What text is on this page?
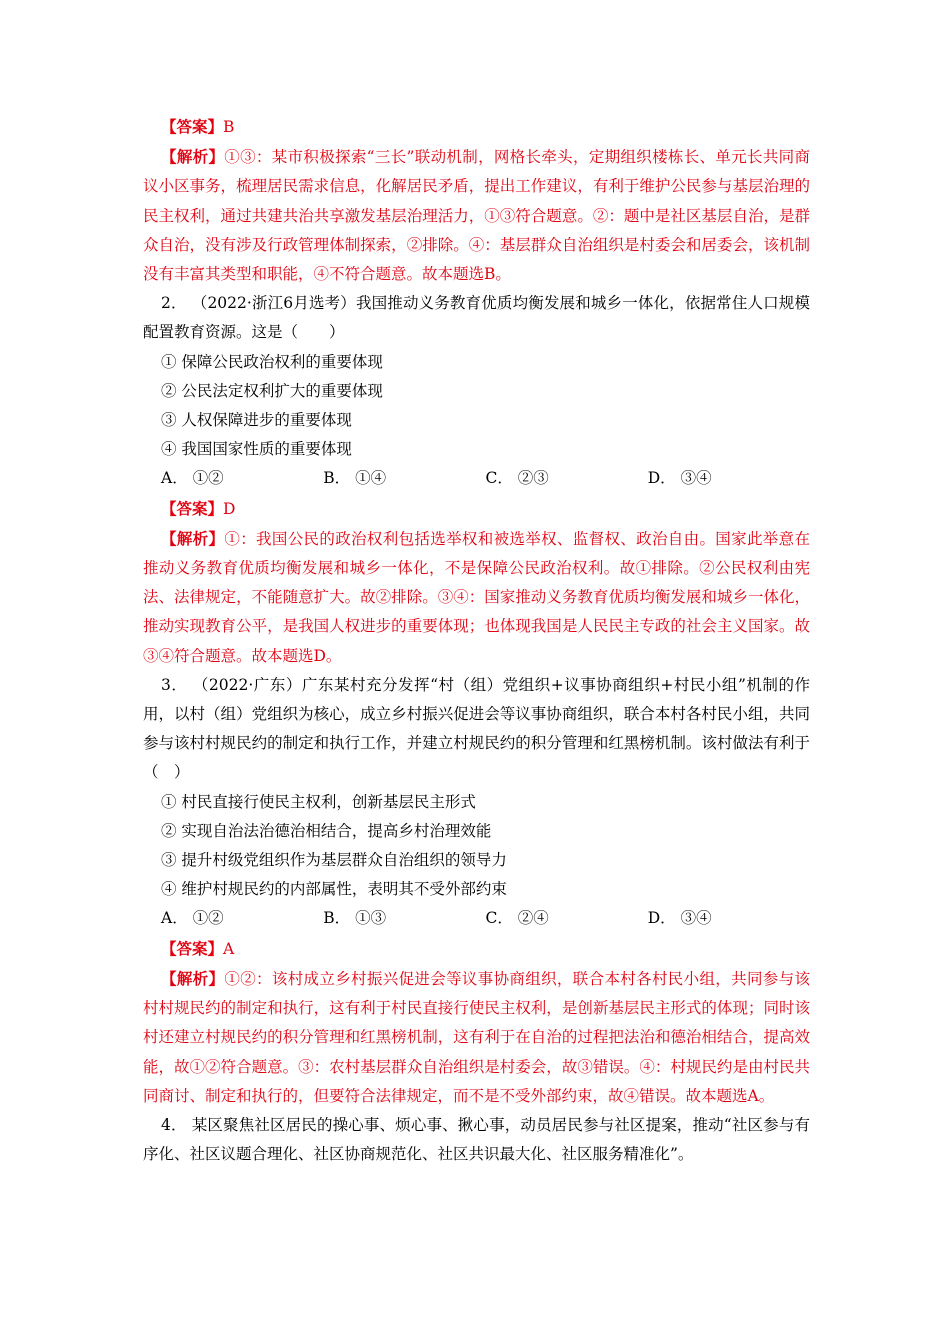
【答案】B

【解析】①③：某市积极探索“三长”联动机制，网格长牵头，定期组织楼栋长、单元长共同商议小区事务，梳理居民需求信息，化解居民矛盾，提出工作建议，有利于维护公民参与基层治理的民主权利，通过共建共治共享激发基层治理活力，①③符合题意。②：题中是社区基层自治，是群众自治，没有涉及行政管理体制探索，②排除。④：基层群众自治组织是村委会和居委会，该机制没有丰富其类型和职能，④不符合题意。故本题选B。

2． （2022·浙江6月选考）我国推动义务教育优质均衡发展和城乡一体化，依据常住人口规模配置教育资源。这是（　　）

① 保障公民政治权利的重要体现

② 公民法定权利扩大的重要体现

③ 人权保障进步的重要体现

④ 我国国家性质的重要体现

A． ①②	B． ①④	C． ②③	D． ③④

【答案】D

【解析】①：我国公民的政治权利包括选举权和被选举权、监督权、政治自由。国家此举意在推动义务教育优质均衡发展和城乡一体化，不是保障公民政治权利。故①排除。②公民权利由宪法、法律规定，不能随意扩大。故②排除。③④：国家推动义务教育优质均衡发展和城乡一体化，推动实现教育公平，是我国人权进步的重要体现；也体现我国是人民民主专政的社会主义国家。故③④符合题意。故本题选D。

3． （2022·广东）广东某村充分发挥“村（组）党组织+议事协商组织+村民小组”机制的作用，以村（组）党组织为核心，成立乡村振兴促进会等议事协商组织，联合本村各村民小组，共同参与该村村规民约的制定和执行工作，并建立村规民约的积分管理和红黑榜机制。该村做法有利于（　）

① 村民直接行使民主权利，创新基层民主形式

② 实现自治法治德治相结合，提高乡村治理效能

③ 提升村级党组织作为基层群众自治组织的领导力

④ 维护村规民约的内部属性，表明其不受外部约束

A． ①②	B． ①③	C． ②④	D． ③④

【答案】A

【解析】①②：该村成立乡村振兴促进会等议事协商组织，联合本村各村民小组，共同参与该村村规民约的制定和执行，这有利于村民直接行使民主权利，是创新基层民主形式的体现；同时该村还建立村规民约的积分管理和红黑榜机制，这有利于在自治的过程把法治和德治相结合，提高效能，故①②符合题意。③：农村基层群众自治组织是村委会，故③错误。④：村规民约是由村民共同商讨、制定和执行的，但要符合法律规定，而不是不受外部约束，故④错误。故本题选A。

4． 某区聚焦社区居民的操心事、烦心事、揪心事，动员居民参与社区提案，推动“社区参与有序化、社区议题合理化、社区协商规范化、社区共识最大化、社区服务精准化”。
